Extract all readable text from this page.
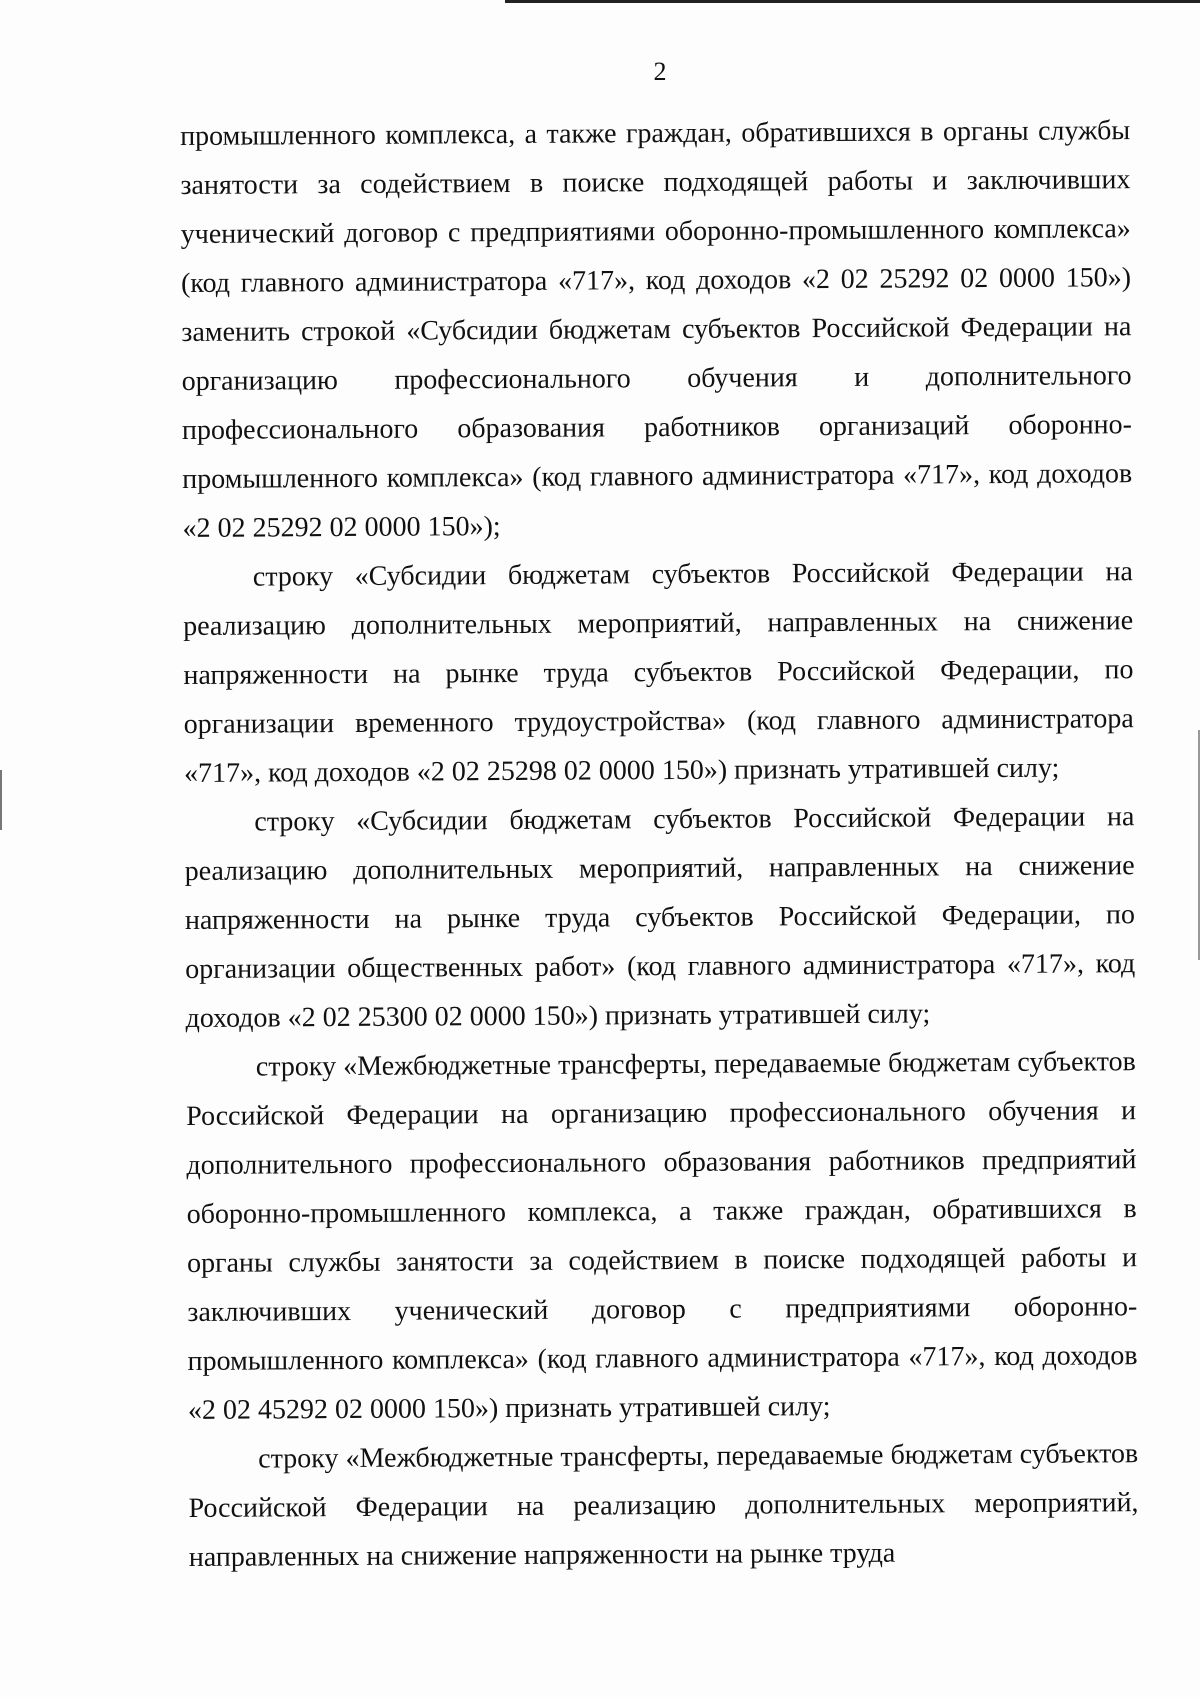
2

промышленного комплекса, а также граждан, обратившихся в органы службы занятости за содействием в поиске подходящей работы и заключивших ученический договор с предприятиями оборонно-промышленного комплекса» (код главного администратора «717», код доходов «2 02 25292 02 0000 150») заменить строкой «Субсидии бюджетам субъектов Российской Федерации на организацию профессионального обучения и дополнительного профессионального образования работников организаций оборонно-промышленного комплекса» (код главного администратора «717», код доходов «2 02 25292 02 0000 150»);

строку «Субсидии бюджетам субъектов Российской Федерации на реализацию дополнительных мероприятий, направленных на снижение напряженности на рынке труда субъектов Российской Федерации, по организации временного трудоустройства» (код главного администратора «717», код доходов «2 02 25298 02 0000 150») признать утратившей силу;

строку «Субсидии бюджетам субъектов Российской Федерации на реализацию дополнительных мероприятий, направленных на снижение напряженности на рынке труда субъектов Российской Федерации, по организации общественных работ» (код главного администратора «717», код доходов «2 02 25300 02 0000 150») признать утратившей силу;

строку «Межбюджетные трансферты, передаваемые бюджетам субъектов Российской Федерации на организацию профессионального обучения и дополнительного профессионального образования работников предприятий оборонно-промышленного комплекса, а также граждан, обратившихся в органы службы занятости за содействием в поиске подходящей работы и заключивших ученический договор с предприятиями оборонно-промышленного комплекса» (код главного администратора «717», код доходов «2 02 45292 02 0000 150») признать утратившей силу;

строку «Межбюджетные трансферты, передаваемые бюджетам субъектов Российской Федерации на реализацию дополнительных мероприятий, направленных на снижение напряженности на рынке труда
